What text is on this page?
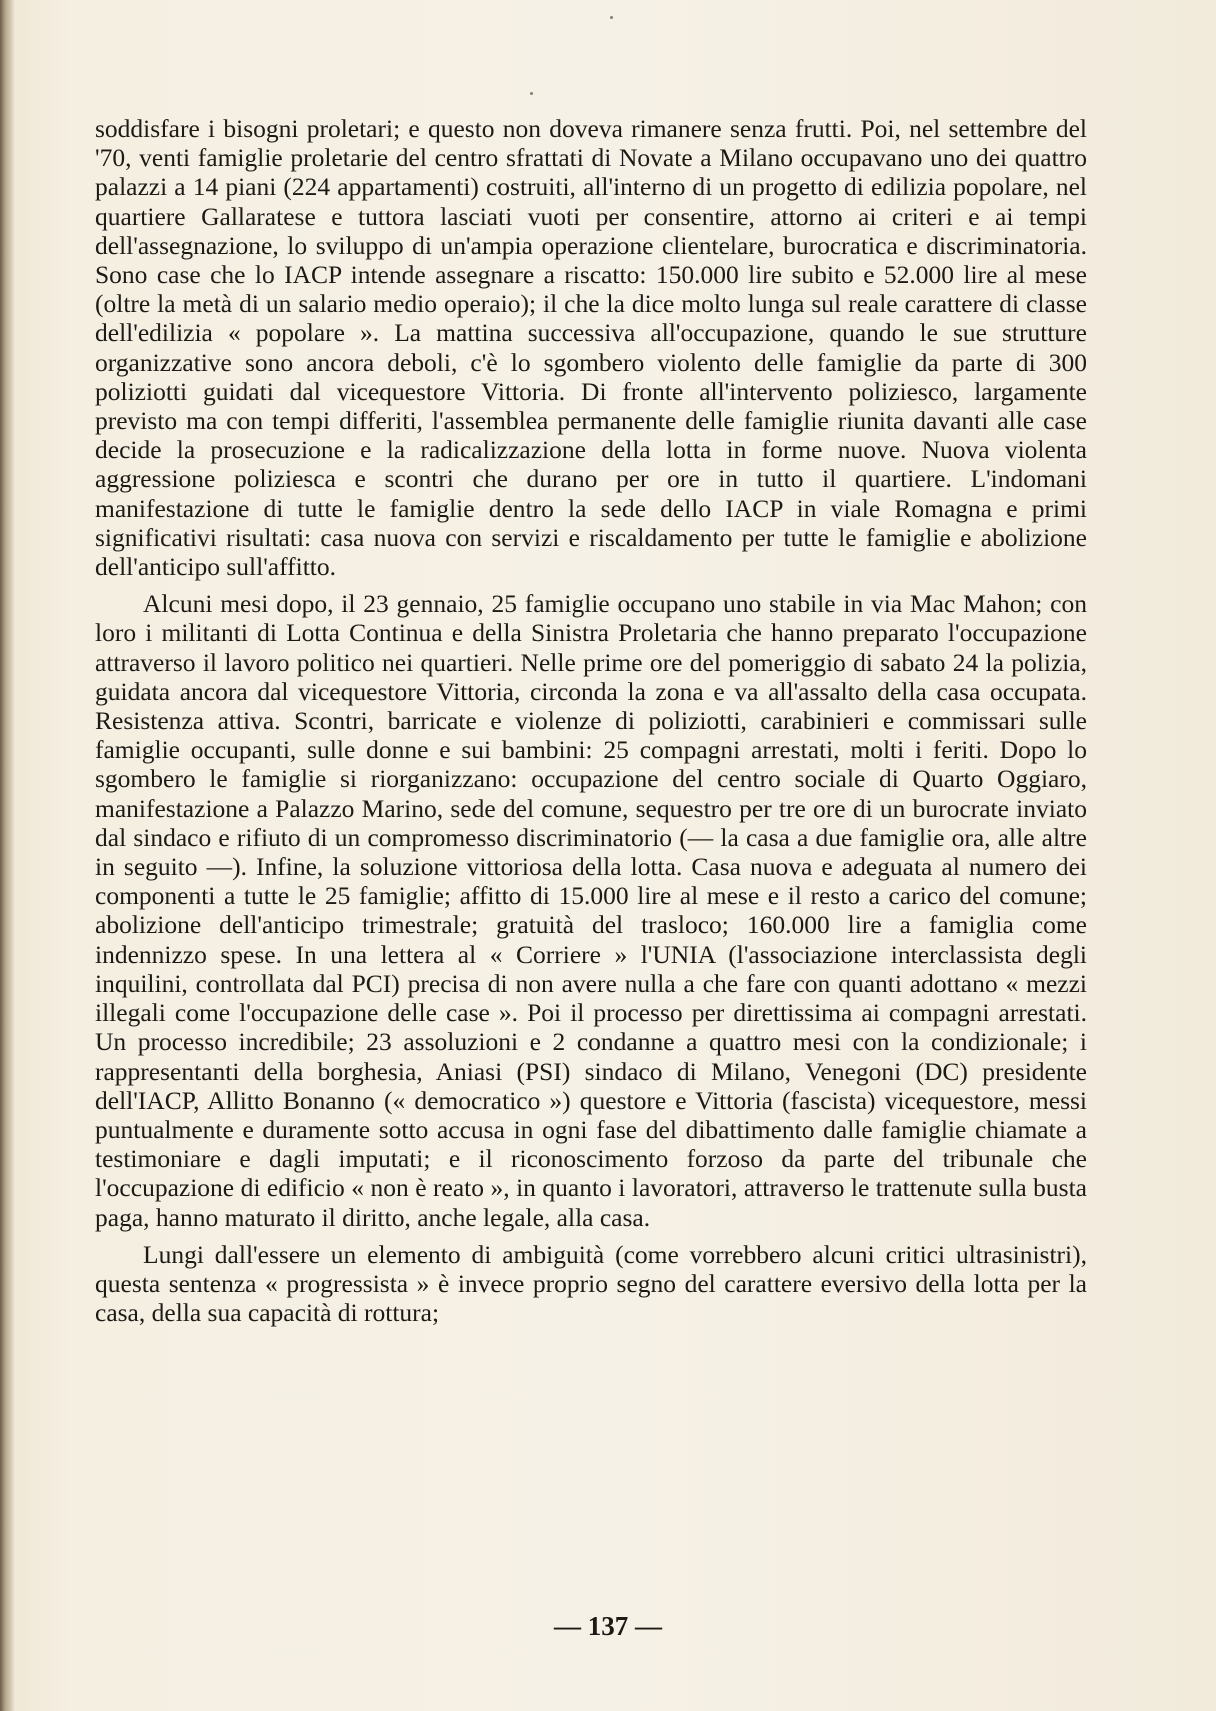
soddisfare i bisogni proletari; e questo non doveva rimanere senza frutti. Poi, nel settembre del '70, venti famiglie proletarie del centro sfrattati di Novate a Milano occupavano uno dei quattro palazzi a 14 piani (224 appartamenti) costruiti, all'interno di un progetto di edilizia popolare, nel quartiere Gallaratese e tuttora lasciati vuoti per consentire, attorno ai criteri e ai tempi dell'assegnazione, lo sviluppo di un'ampia operazione clientelare, burocratica e discriminatoria. Sono case che lo IACP intende assegnare a riscatto: 150.000 lire subito e 52.000 lire al mese (oltre la metà di un salario medio operaio); il che la dice molto lunga sul reale carattere di classe dell'edilizia « popolare ». La mattina successiva all'occupazione, quando le sue strutture organizzative sono ancora deboli, c'è lo sgombero violento delle famiglie da parte di 300 poliziotti guidati dal vicequestore Vittoria. Di fronte all'intervento poliziesco, largamente previsto ma con tempi differiti, l'assemblea permanente delle famiglie riunita davanti alle case decide la prosecuzione e la radicalizzazione della lotta in forme nuove. Nuova violenta aggressione poliziesca e scontri che durano per ore in tutto il quartiere. L'indomani manifestazione di tutte le famiglie dentro la sede dello IACP in viale Romagna e primi significativi risultati: casa nuova con servizi e riscaldamento per tutte le famiglie e abolizione dell'anticipo sull'affitto.

Alcuni mesi dopo, il 23 gennaio, 25 famiglie occupano uno stabile in via Mac Mahon; con loro i militanti di Lotta Continua e della Sinistra Proletaria che hanno preparato l'occupazione attraverso il lavoro politico nei quartieri. Nelle prime ore del pomeriggio di sabato 24 la polizia, guidata ancora dal vicequestore Vittoria, circonda la zona e va all'assalto della casa occupata. Resistenza attiva. Scontri, barricate e violenze di poliziotti, carabinieri e commissari sulle famiglie occupanti, sulle donne e sui bambini: 25 compagni arrestati, molti i feriti. Dopo lo sgombero le famiglie si riorganizzano: occupazione del centro sociale di Quarto Oggiaro, manifestazione a Palazzo Marino, sede del comune, sequestro per tre ore di un burocrate inviato dal sindaco e rifiuto di un compromesso discriminatorio (— la casa a due famiglie ora, alle altre in seguito —). Infine, la soluzione vittoriosa della lotta. Casa nuova e adeguata al numero dei componenti a tutte le 25 famiglie; affitto di 15.000 lire al mese e il resto a carico del comune; abolizione dell'anticipo trimestrale; gratuità del trasloco; 160.000 lire a famiglia come indennizzo spese. In una lettera al « Corriere » l'UNIA (l'associazione interclassista degli inquilini, controllata dal PCI) precisa di non avere nulla a che fare con quanti adottano « mezzi illegali come l'occupazione delle case ». Poi il processo per direttissima ai compagni arrestati. Un processo incredibile; 23 assoluzioni e 2 condanne a quattro mesi con la condizionale; i rappresentanti della borghesia, Aniasi (PSI) sindaco di Milano, Venegoni (DC) presidente dell'IACP, Allitto Bonanno (« democratico ») questore e Vittoria (fascista) vicequestore, messi puntualmente e duramente sotto accusa in ogni fase del dibattimento dalle famiglie chiamate a testimoniare e dagli imputati; e il riconoscimento forzoso da parte del tribunale che l'occupazione di edificio « non è reato », in quanto i lavoratori, attraverso le trattenute sulla busta paga, hanno maturato il diritto, anche legale, alla casa.

Lungi dall'essere un elemento di ambiguità (come vorrebbero alcuni critici ultrasinistri), questa sentenza « progressista » è invece proprio segno del carattere eversivo della lotta per la casa, della sua capacità di rottura;

— 137 —
